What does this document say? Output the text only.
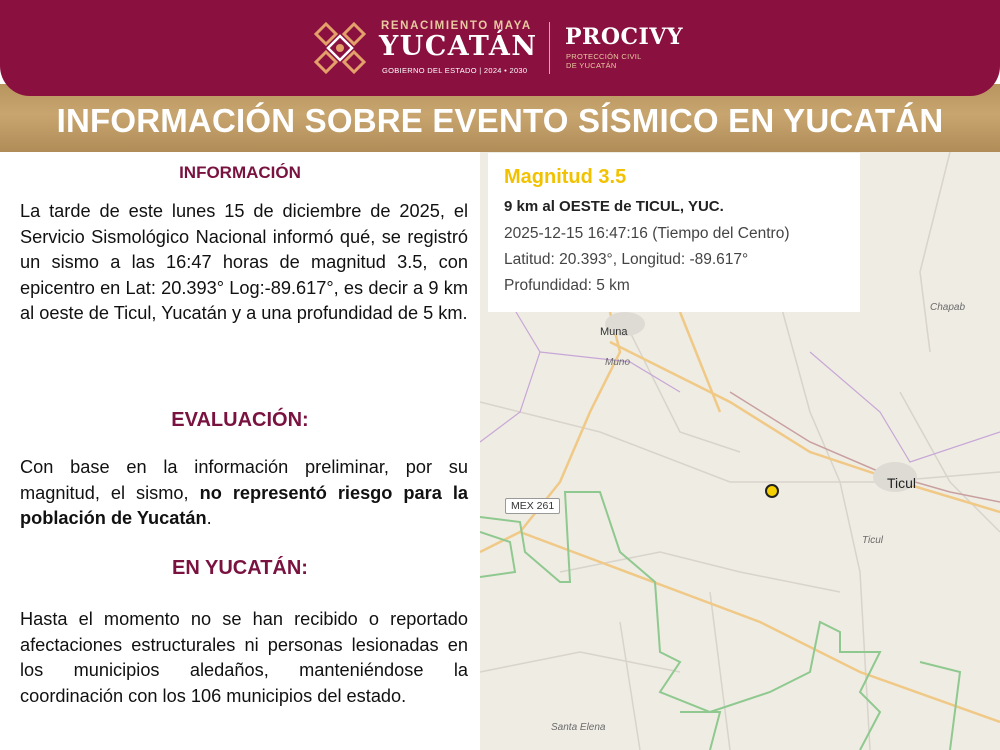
RENACIMIENTO MAYA
YUCATÁN
GOBIERNO DEL ESTADO | 2024 • 2030
PROCIVY
PROTECCIÓN CIVIL
DE YUCATÁN
INFORMACIÓN SOBRE EVENTO SÍSMICO EN YUCATÁN
INFORMACIÓN
La tarde de este lunes 15 de diciembre de 2025, el Servicio Sismológico Nacional informó qué, se registró un sismo a las 16:47 horas de magnitud 3.5, con epicentro en Lat: 20.393° Log:-89.617°, es decir a 9 km al oeste de Ticul, Yucatán y a una profundidad de 5 km.
EVALUACIÓN:
Con base en la información preliminar, por su magnitud, el sismo, no representó riesgo para la población de Yucatán.
EN YUCATÁN:
Hasta el momento no se han recibido o reportado afectaciones estructurales ni personas lesionadas en los municipios aledaños, manteniéndose la coordinación con los 106 municipios del estado.
Muna
Muno
Chapab
Ticul
Ticul
Santa Elena
MEX 261
Magnitud 3.5
9 km al OESTE de TICUL, YUC.
2025-12-15 16:47:16 (Tiempo del Centro)
Latitud: 20.393°, Longitud: -89.617°
Profundidad: 5 km
